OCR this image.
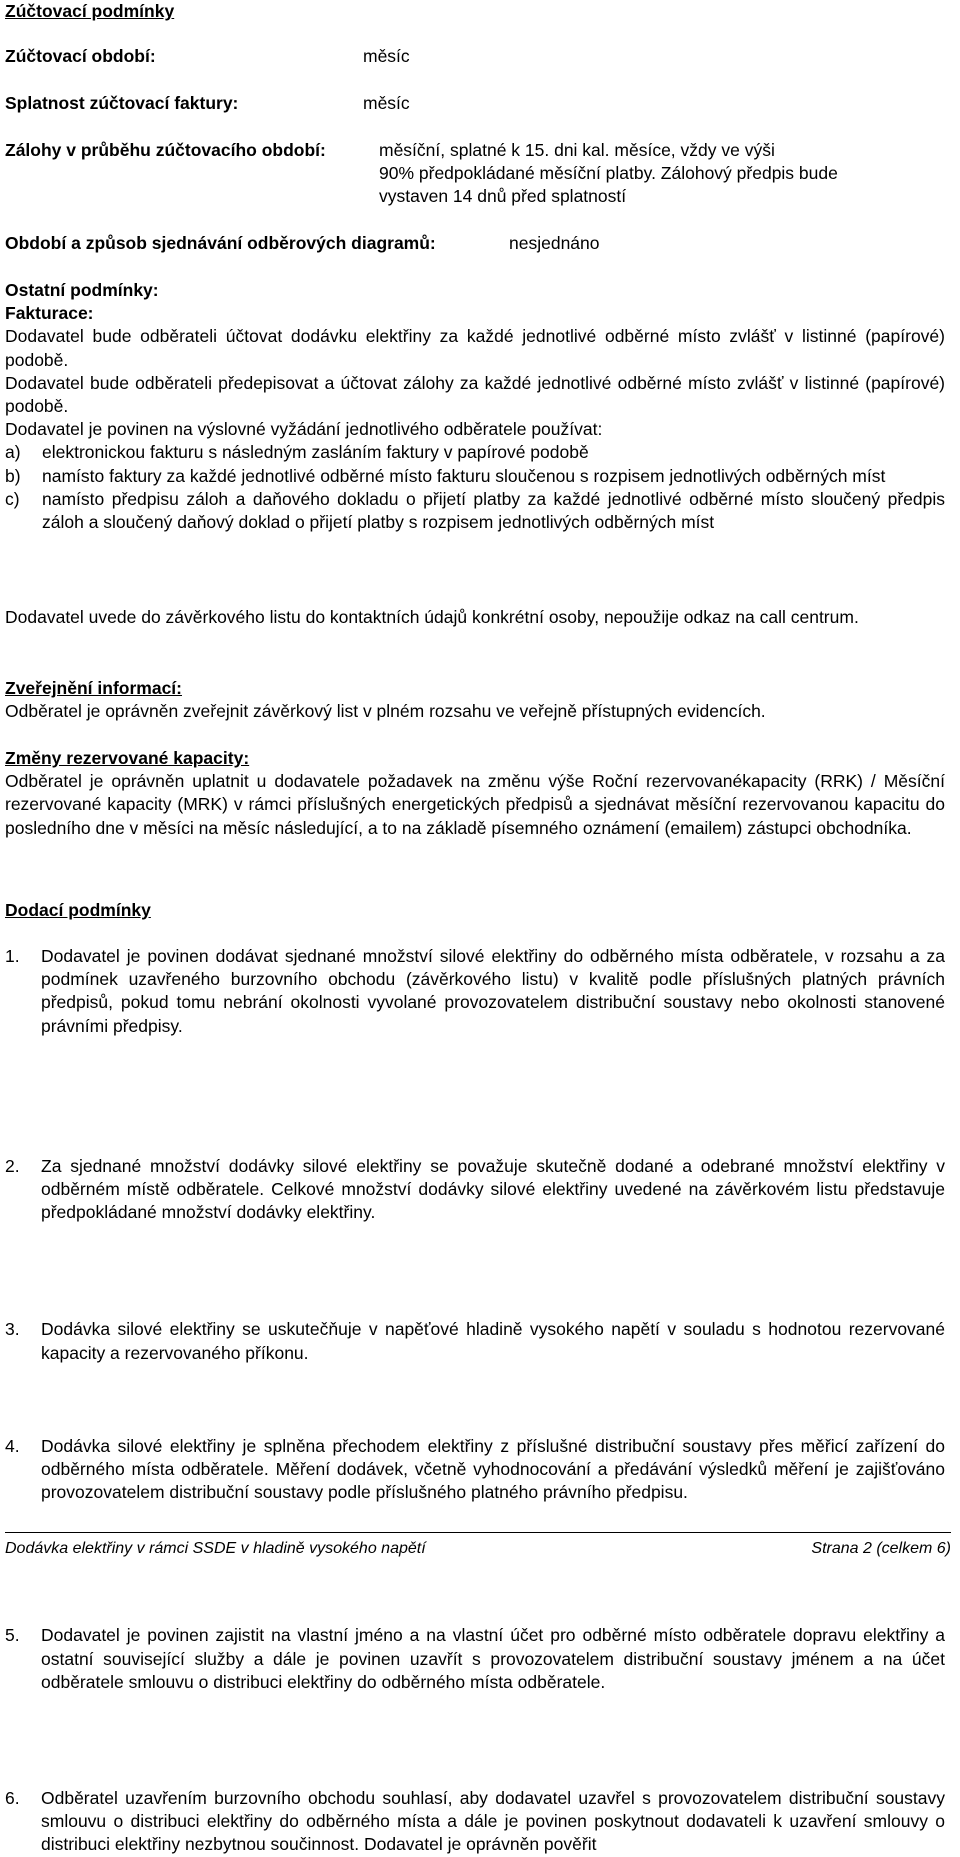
Zúčtovací podmínky
Zúčtovací období:	měsíc
Splatnost zúčtovací faktury:	měsíc
Zálohy v průběhu zúčtovacího období:	měsíční, splatné k 15. dni kal. měsíce, vždy ve výši
90% předpokládané měsíční platby. Zálohový předpis bude
vystaven 14 dnů před splatností
Období a způsob sjednávání odběrových diagramů:	nesjednáno

Ostatní podmínky:

Fakturace:

Dodavatel bude odběrateli účtovat dodávku elektřiny za každé jednotlivé odběrné místo zvlášť v listinné (papírové) podobě.

Dodavatel bude odběrateli předepisovat a účtovat zálohy za každé jednotlivé odběrné místo zvlášť v listinné (papírové) podobě.

Dodavatel je povinen na výslovné vyžádání jednotlivého odběratele používat:

a) elektronickou fakturu s následným zasláním faktury v papírové podobě
b) namísto faktury za každé jednotlivé odběrné místo fakturu sloučenou s rozpisem jednotlivých odběrných míst
c) namísto předpisu záloh a daňového dokladu o přijetí platby za každé jednotlivé odběrné místo sloučený předpis záloh a sloučený daňový doklad o přijetí platby s rozpisem jednotlivých odběrných míst
Dodavatel uvede do závěrkového listu do kontaktních údajů konkrétní osoby, nepoužije odkaz na call centrum.

Zveřejnění informací:

Odběratel je oprávněn zveřejnit závěrkový list v plném rozsahu ve veřejně přístupných evidencích.

Změny rezervované kapacity:

Odběratel je oprávněn uplatnit u dodavatele požadavek na změnu výše Roční rezervovanékapacity (RRK) / Měsíční rezervované kapacity (MRK) v rámci příslušných energetických předpisů a sjednávat měsíční rezervovanou kapacitu do posledního dne v měsíci na měsíc následující, a to na základě písemného oznámení (emailem) zástupci obchodníka.

Dodací podmínky
1. Dodavatel je povinen dodávat sjednané množství silové elektřiny do odběrného místa odběratele, v rozsahu a za podmínek uzavřeného burzovního obchodu (závěrkového listu) v kvalitě podle příslušných platných právních předpisů, pokud tomu nebrání okolnosti vyvolané provozovatelem distribuční soustavy nebo okolnosti stanovené právními předpisy.
2. Za sjednané množství dodávky silové elektřiny se považuje skutečně dodané a odebrané množství elektřiny v odběrném místě odběratele. Celkové množství dodávky silové elektřiny uvedené na závěrkovém listu představuje předpokládané množství dodávky elektřiny.
3. Dodávka silové elektřiny se uskutečňuje v napěťové hladině vysokého napětí v souladu s hodnotou rezervované kapacity a rezervovaného příkonu.
4. Dodávka silové elektřiny je splněna přechodem elektřiny z příslušné distribuční soustavy přes měřicí zařízení do odběrného místa odběratele. Měření dodávek, včetně vyhodnocování a předávání výsledků měření je zajišťováno provozovatelem distribuční soustavy podle příslušného platného právního předpisu.
5. Dodavatel je povinen zajistit na vlastní jméno a na vlastní účet pro odběrné místo odběratele dopravu elektřiny a ostatní související služby a dále je povinen uzavřít s provozovatelem distribuční soustavy jménem a na účet odběratele smlouvu o distribuci elektřiny do odběrného místa odběratele.
6. Odběratel uzavřením burzovního obchodu souhlasí, aby dodavatel uzavřel s provozovatelem distribuční soustavy smlouvu o distribuci elektřiny do odběrného místa a dále je povinen poskytnout dodavateli k uzavření smlouvy o distribuci elektřiny nezbytnou součinnost. Dodavatel je oprávněn pověřit
Dodávka elektřiny v rámci SSDE v hladině vysokého napětí	Strana 2 (celkem 6)
